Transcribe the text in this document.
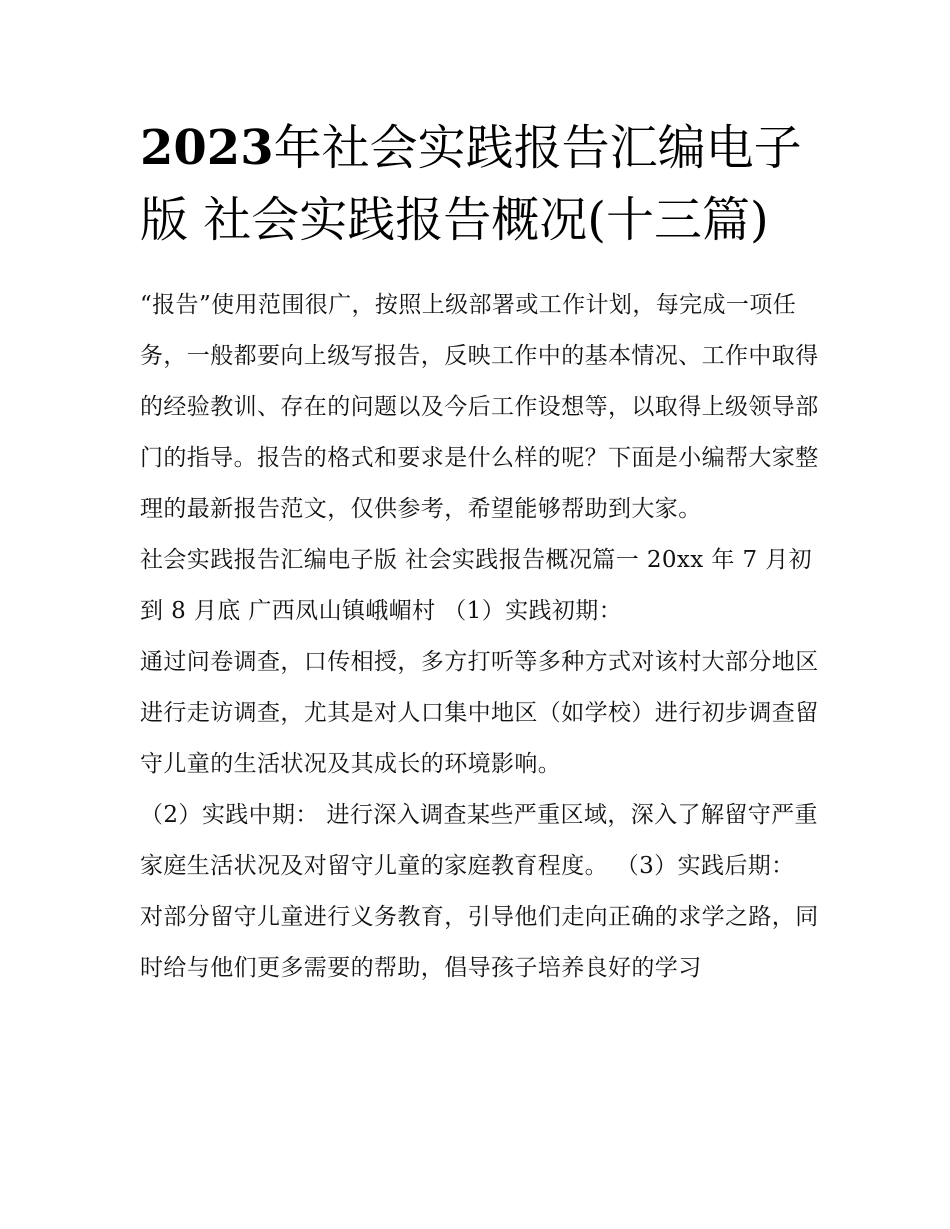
2023年社会实践报告汇编电子版 社会实践报告概况(十三篇)

“报告”使用范围很广，按照上级部署或工作计划，每完成一项任务，一般都要向上级写报告，反映工作中的基本情况、工作中取得的经验教训、存在的问题以及今后工作设想等，以取得上级领导部门的指导。报告的格式和要求是什么样的呢？下面是小编帮大家整理的最新报告范文，仅供参考，希望能够帮助到大家。

社会实践报告汇编电子版 社会实践报告概况篇一 20xx 年 7 月初到 8 月底 广西凤山镇峨嵋村 （1）实践初期：

通过问卷调查，口传相授，多方打听等多种方式对该村大部分地区进行走访调查，尤其是对人口集中地区（如学校）进行初步调查留守儿童的生活状况及其成长的环境影响。

（2）实践中期： 进行深入调查某些严重区域，深入了解留守严重家庭生活状况及对留守儿童的家庭教育程度。 （3）实践后期：

对部分留守儿童进行义务教育，引导他们走向正确的求学之路，同时给与他们更多需要的帮助，倡导孩子培养良好的学习
